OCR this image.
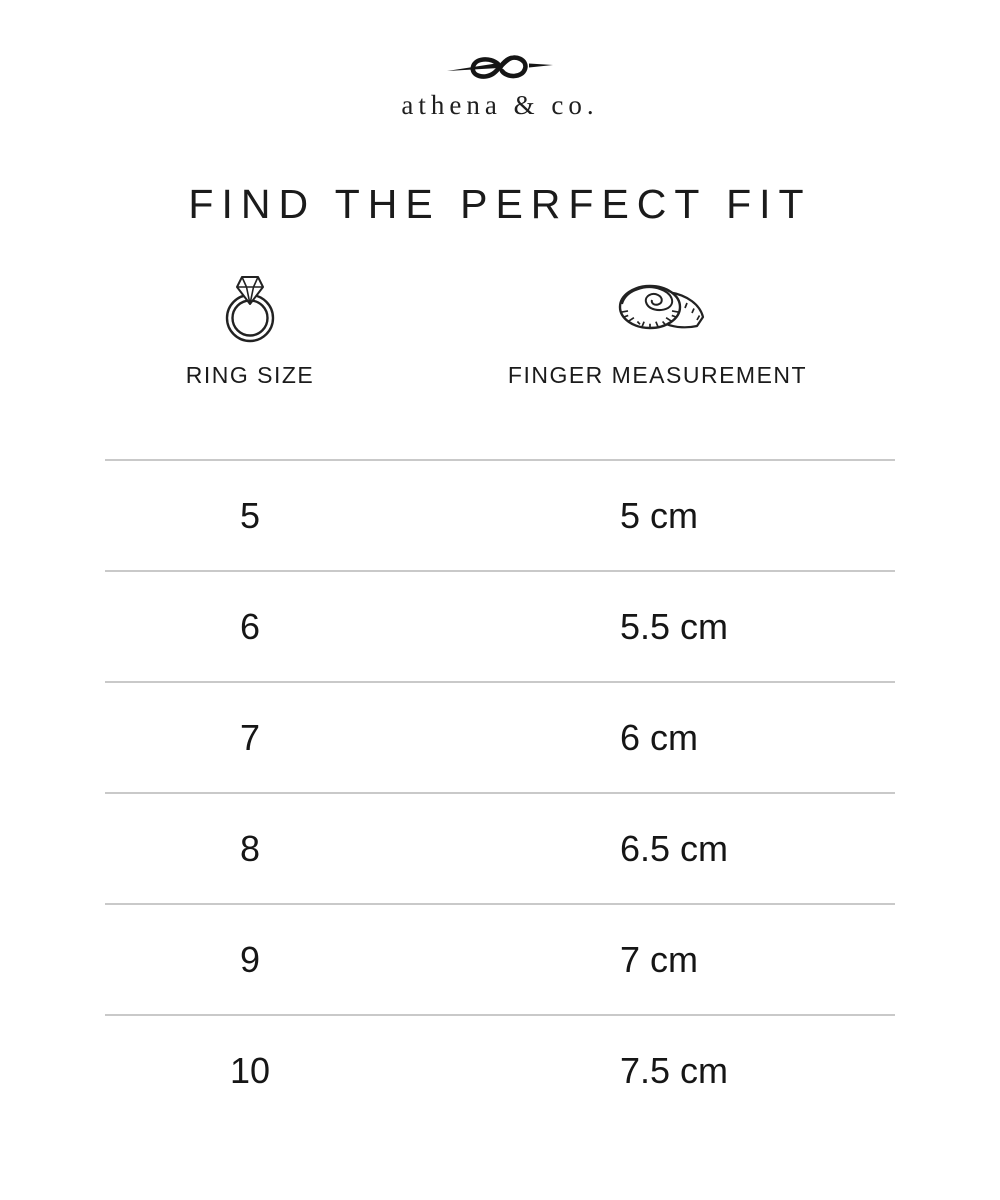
athena & co.
FIND THE PERFECT FIT
RING SIZE	FINGER MEASUREMENT
5	5 cm
6	5.5 cm
7	6 cm
8	6.5 cm
9	7 cm
10	7.5 cm
